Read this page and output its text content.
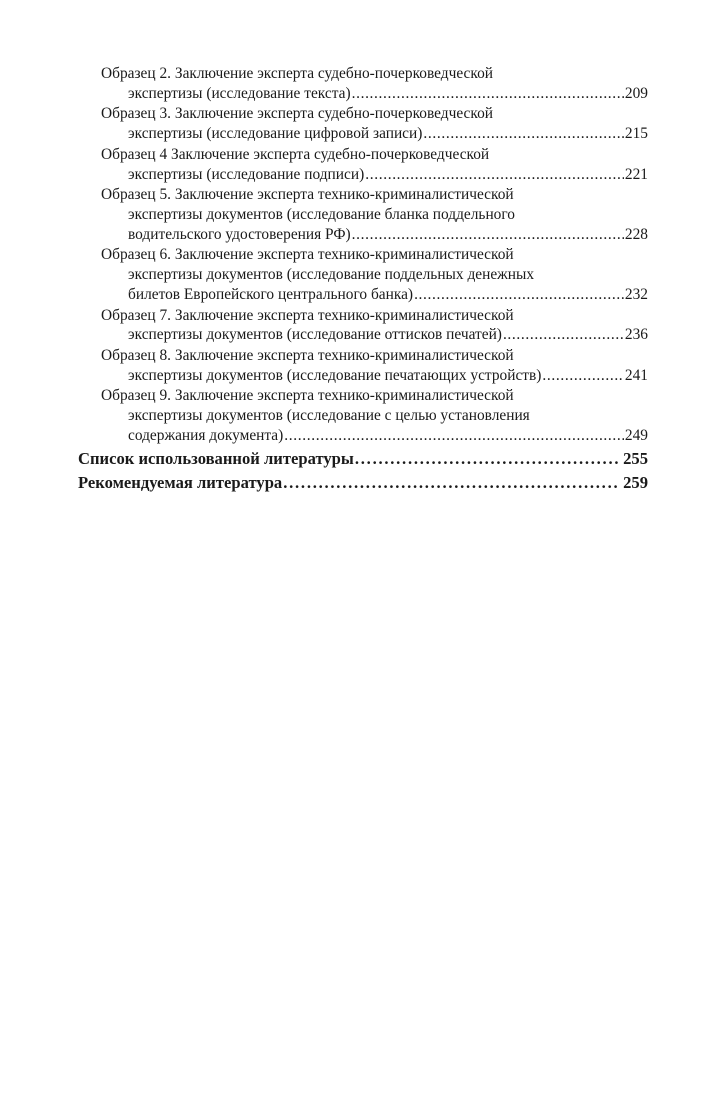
Образец 2. Заключение эксперта судебно-почерковедческой
экспертизы (исследование текста) . . .	209
Образец 3. Заключение эксперта судебно-почерковедческой
экспертизы (исследование цифровой записи) . . .	215
Образец 4 Заключение эксперта судебно-почерковедческой
экспертизы (исследование подписи) . . .	221
Образец 5. Заключение эксперта технико-криминалистической
экспертизы документов (исследование бланка поддельного
водительского удостоверения РФ) . . .	228
Образец 6. Заключение эксперта технико-криминалистической
экспертизы документов (исследование поддельных денежных
билетов Европейского центрального банка) . . .	232
Образец 7. Заключение эксперта технико-криминалистической
экспертизы документов (исследование оттисков печатей) . . .	236
Образец 8. Заключение эксперта технико-криминалистической
экспертизы документов (исследование печатающих устройств) . . .	241
Образец 9. Заключение эксперта технико-криминалистической
экспертизы документов (исследование с целью установления
содержания документа) . . .	249
Список использованной литературы . . .	255
Рекомендуемая литература . . .	259
